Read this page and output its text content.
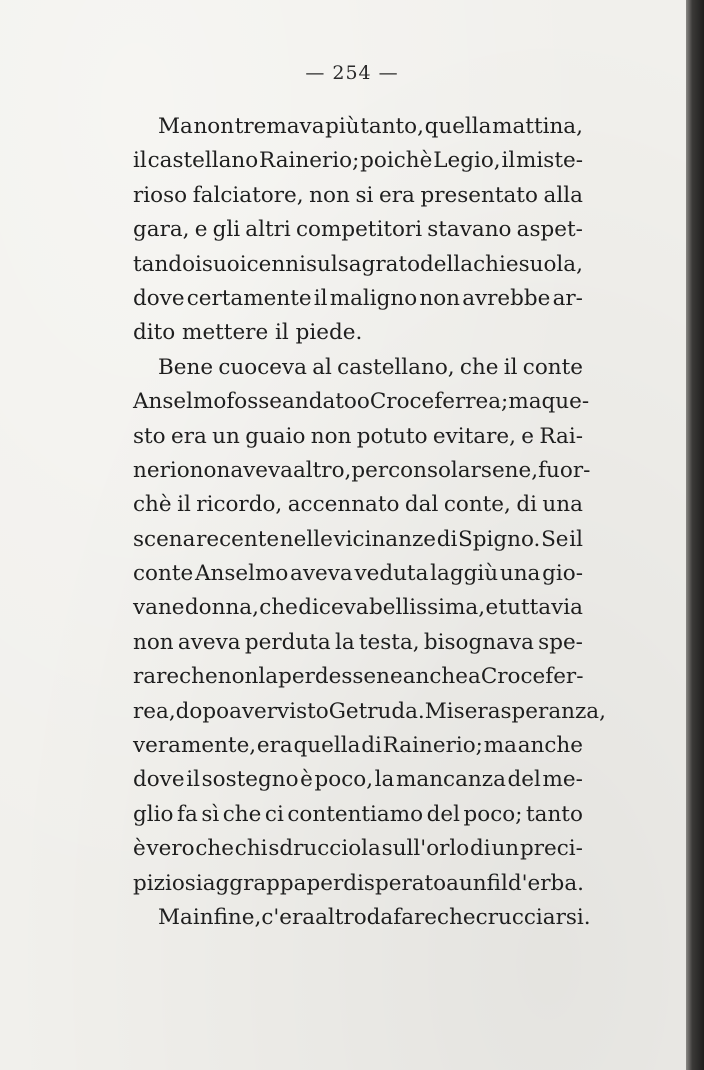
— 254 —
Ma non tremava più tanto, quella mattina,
il castellano Rainerio; poichè Legio, il miste-
rioso falciatore, non si era presentato alla
gara, e gli altri competitori stavano aspet-
tando i suoi cenni sul sagrato della chiesuola,
dove certamente il maligno non avrebbe ar-
dito mettere il piede.
Bene cuoceva al castellano, che il conte
Anselmo fosse andato o Croceferrea; ma que-
sto era un guaio non potuto evitare, e Rai-
nerio non aveva altro, per consolarsene, fuor-
chè il ricordo, accennato dal conte, di una
scena recente nelle vicinanze di Spigno. Se il
conte Anselmo aveva veduta laggiù una gio-
vane donna, che diceva bellissima, e tuttavia
non aveva perduta la testa, bisognava spe-
rare che non la perdesse neanche a Crocefer-
rea, dopo aver visto Getruda. Misera speranza,
veramente, era quella di Rainerio; ma anche
dove il sostegno è poco, la mancanza del me-
glio fa sì che ci contentiamo del poco; tanto
è vero che chi sdrucciola sull'orlo di un preci-
pizio si aggrappa per disperato a un fil d'erba.
Ma infine, c'era altro da fare che crucciarsi.
